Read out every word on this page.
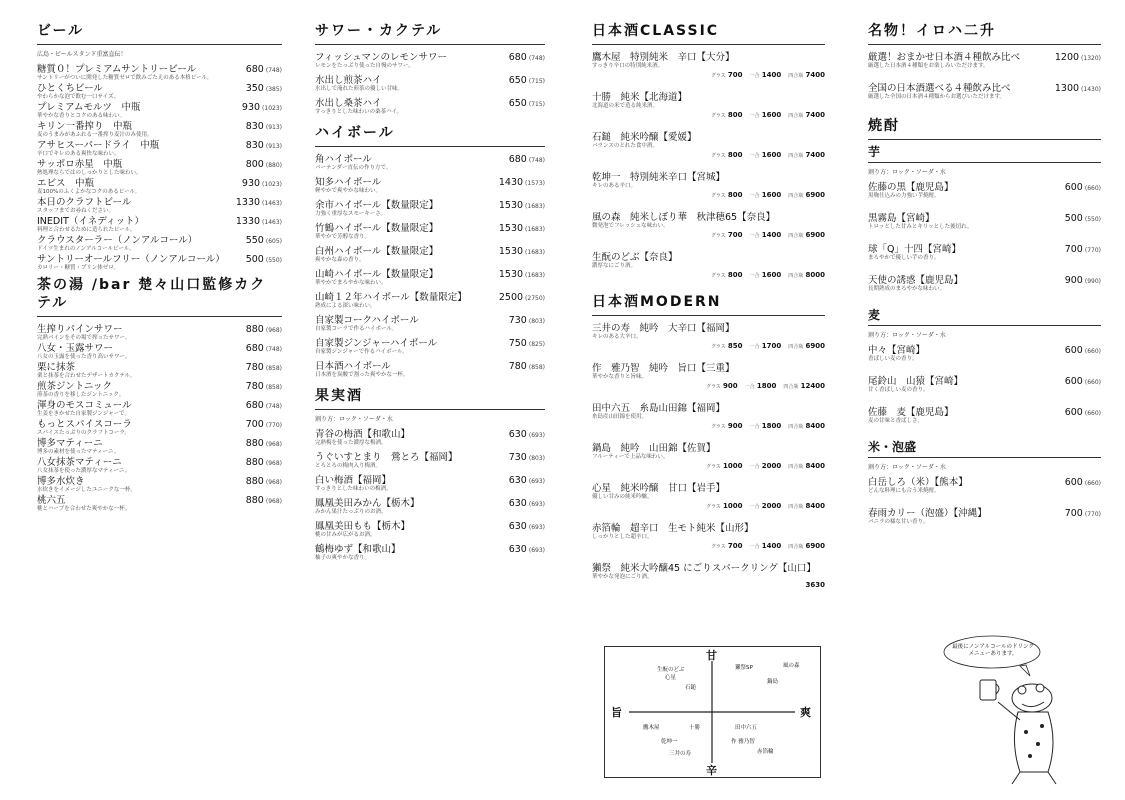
ビール
広島・ビールスタンド重富直伝！
糖質０！プレミアムサントリービール	680 (748)
サントリーがついに開発した糖質ゼロで飲みごたえのある本格ビール。
ひとくちビール	350 (385)
やわらかな泡で飲む一口サイズ。
プレミアムモルツ　中瓶	930 (1023)
華やかな香りとコクのある味わい。
キリン一番搾り　中瓶	830 (913)
麦のうまみがあふれる一番搾り麦汁のみ使用。
アサヒスーパードライ　中瓶	830 (913)
辛口でキレのある爽快な味わい。
サッポロ赤星　中瓶	800 (880)
熱処理ならではのしっかりとした味わい。
エビス　中瓶	930 (1023)
麦100%のふくよかなコクのあるビール。
本日のクラフトビール	1330 (1463)
スタッフまでお尋ねください。
INEDIT（イネディット）	1330 (1463)
料理と合わせるために造られたビール。
クラウスターラー（ノンアルコール）	550 (605)
ドイツ生まれのノンアルコールビール。
サントリーオールフリー（ノンアルコール） 500 (550)
カロリー・糖質・プリン体ゼロ。
茶の湯 /bar 楚々山口監修カクテル
生搾りパインサワー	880 (968)
完熟パインをその場で搾ったサワー。
八女・玉露サワー	680 (748)
八女の玉露を使った香り高いサワー。
栗に抹茶	780 (858)
栗と抹茶を合わせたデザートカクテル。
煎茶ジントニック	780 (858)
煎茶の香りを移したジントニック。
渾身のモスコミュール	680 (748)
生姜をきかせた自家製ジンジャーで。
もっとスパイスコーラ	700 (770)
スパイスたっぷりのクラフトコーラ。
博多マティーニ	880 (968)
博多の素材を使ったマティーニ。
八女抹茶マティーニ	880 (968)
八女抹茶を使った濃厚なマティーニ。
博多水炊き	880 (968)
水炊きをイメージしたユニークな一杯。
桃六五	880 (968)
桃とハーブを合わせた爽やかな一杯。
サワー・カクテル
フィッシュマンのレモンサワー	680 (748)
レモンをたっぷり使った自慢のサワー。
水出し煎茶ハイ	650 (715)
水出しで淹れた煎茶の優しい甘味。
水出し桑茶ハイ	650 (715)
すっきりとした味わいの桑茶ハイ。
ハイボール
角ハイボール	680 (748)
バーテンダー直伝の作り方で。
知多ハイボール	1430 (1573)
軽やかで爽やかな味わい。
余市ハイボール【数量限定】	1530 (1683)
力強く重厚なスモーキーさ。
竹鶴ハイボール【数量限定】	1530 (1683)
華やかで芳醇な香り。
白州ハイボール【数量限定】	1530 (1683)
爽やかな森の香り。
山崎ハイボール【数量限定】	1530 (1683)
華やかでまろやかな味わい。
山崎１２年ハイボール【数量限定】	2500 (2750)
熟成による深い味わい。
自家製コークハイボール	730 (803)
自家製コーラで作るハイボール。
自家製ジンジャーハイボール	750 (825)
自家製ジンジャーで作るハイボール。
日本酒ハイボール	780 (858)
日本酒を炭酸で割った爽やかな一杯。
果実酒
割り方：ロック・ソーダ・水
青谷の梅酒【和歌山】	630 (693)
完熟梅を使った濃厚な梅酒。
うぐいすとまり　鶯とろ【福岡】	730 (803)
とろとろの梅肉入り梅酒。
白い梅酒【福岡】	630 (693)
すっきりとした味わいの梅酒。
鳳凰美田みかん【栃木】	630 (693)
みかん果汁たっぷりのお酒。
鳳凰美田もも【栃木】	630 (693)
桃の甘みが広がるお酒。
鶴梅ゆず【和歌山】	630 (693)
柚子の爽やかな香り。
日本酒CLASSIC
鷹木屋　特別純米　辛口【大分】
すっきり辛口の特別純米酒。
グラス 700　 一合 1400　 四合瓶 7400
十勝　純米【北海道】
北海道の米で造る純米酒。
グラス 800　 一合 1600　 四合瓶 7400
石鎚　純米吟醸【愛媛】
バランスのとれた食中酒。
グラス 800　 一合 1600　 四合瓶 7400
乾坤一　特別純米辛口【宮城】
キレのある辛口。
グラス 800　 一合 1600　 四合瓶 6900
風の森　純米しぼり華　秋津穂65【奈良】
微発泡でフレッシュな味わい。
グラス 700　 一合 1400　 四合瓶 6900
生酛のどぶ【奈良】
濃厚なにごり酒。
グラス 800　 一合 1600　 四合瓶 8000
日本酒MODERN
三井の寿　純吟　大辛口【福岡】
キレのある大辛口。
グラス 850　 一合 1700　 四合瓶 6900
作　雅乃智　純吟　旨口【三重】
華やかな香りと旨味。
グラス 900　 一合 1800　 四合瓶 12400
田中六五　糸島山田錦【福岡】
糸島産山田錦を使用。
グラス 900　 一合 1800　 四合瓶 8400
鍋島　純吟　山田錦【佐賀】
フルーティーで上品な味わい。
グラス 1000　 一合 2000　 四合瓶 8400
心星　純米吟醸　甘口【岩手】
優しい甘みの純米吟醸。
グラス 1000　 一合 2000　 四合瓶 8400
赤箔輪　超辛口　生モト純米【山形】
しっかりとした超辛口。
グラス 700　 一合 1400　 四合瓶 6900
獺祭　純米大吟醸45 にごりスパークリング【山口】
華やかな発泡にごり酒。
3630
甘
辛
旨	爽
生酛のどぶ
心星
獺祭SP	風の森
石鎚
鍋島
鷹木屋	十勝	田中六五
乾坤一	作 雅乃智
三井の寿	赤箔輪
名物！イロハ二升
厳選！おまかせ日本酒４種飲み比べ	1200 (1320)
厳選した日本酒４種類をお楽しみいただけます。
全国の日本酒選べる４種飲み比べ	1300 (1430)
厳選した全国の日本酒４種類からお選びいただけます。
焼酎
芋
割り方：ロック・ソーダ・水
佐藤の黒【鹿児島】	600 (660)
黒麹仕込みの力強い芋焼酎。
黒霧島【宮崎】	500 (550)
トロッとした甘みとキリッとした後切れ。
球「Q」十四【宮崎】	700 (770)
まろやかで優しい芋の香り。
天使の誘惑【鹿児島】	900 (990)
長期熟成のまろやかな味わい。
麦
割り方：ロック・ソーダ・水
中々【宮崎】	600 (660)
香ばしい麦の香り。
尾鈴山　山猿【宮崎】	600 (660)
甘く香ばしい麦の香り。
佐藤　麦【鹿児島】	600 (660)
麦の甘味と香ばしさ。
米・泡盛
割り方：ロック・ソーダ・水
白岳しろ（米）【熊本】	600 (660)
どんな料理にも合う米焼酎。
春雨カリー（泡盛）【沖縄】	700 (770)
バニラの様な甘い香り。
最後にノンアルコールのドリンクメニューあります。
